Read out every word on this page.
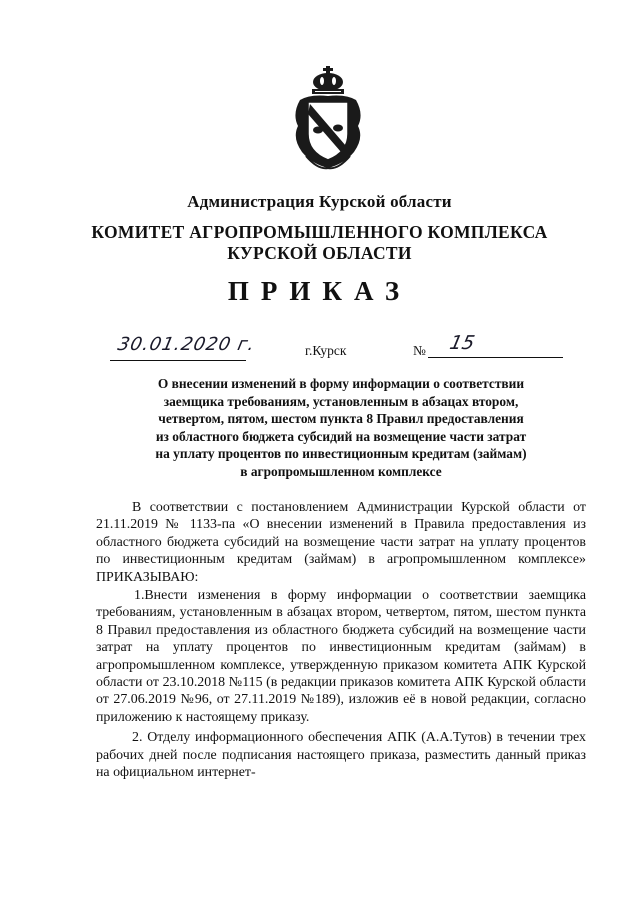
Администрация Курской области
КОМИТЕТ АГРОПРОМЫШЛЕННОГО КОМПЛЕКСА
КУРСКОЙ ОБЛАСТИ
ПРИКАЗ
30.01.2020 г.	г.Курск	№ 15
О внесении изменений в форму информации о соответствии
заемщика требованиям, установленным в абзацах втором,
четвертом, пятом, шестом пункта 8 Правил предоставления
из областного бюджета субсидий на возмещение части затрат
на уплату процентов по инвестиционным кредитам (займам)
в агропромышленном комплексе

В соответствии с постановлением Администрации Курской области от 21.11.2019 № 1133-па «О внесении изменений в Правила предоставления из областного бюджета субсидий на возмещение части затрат на уплату процентов по инвестиционным кредитам (займам) в агропромышленном комплексе» ПРИКАЗЫВАЮ:

1.Внести изменения в форму информации о соответствии заемщика требованиям, установленным в абзацах втором, четвертом, пятом, шестом пункта 8 Правил предоставления из областного бюджета субсидий на возмещение части затрат на уплату процентов по инвестиционным кредитам (займам) в агропромышленном комплексе, утвержденную приказом комитета АПК Курской области от 23.10.2018 №115 (в редакции приказов комитета АПК Курской области от 27.06.2019 №96, от 27.11.2019 №189), изложив её в новой редакции, согласно приложению к настоящему приказу.

2. Отделу информационного обеспечения АПК (А.А.Тутов) в течении трех рабочих дней после подписания настоящего приказа, разместить данный приказ на официальном интернет-
